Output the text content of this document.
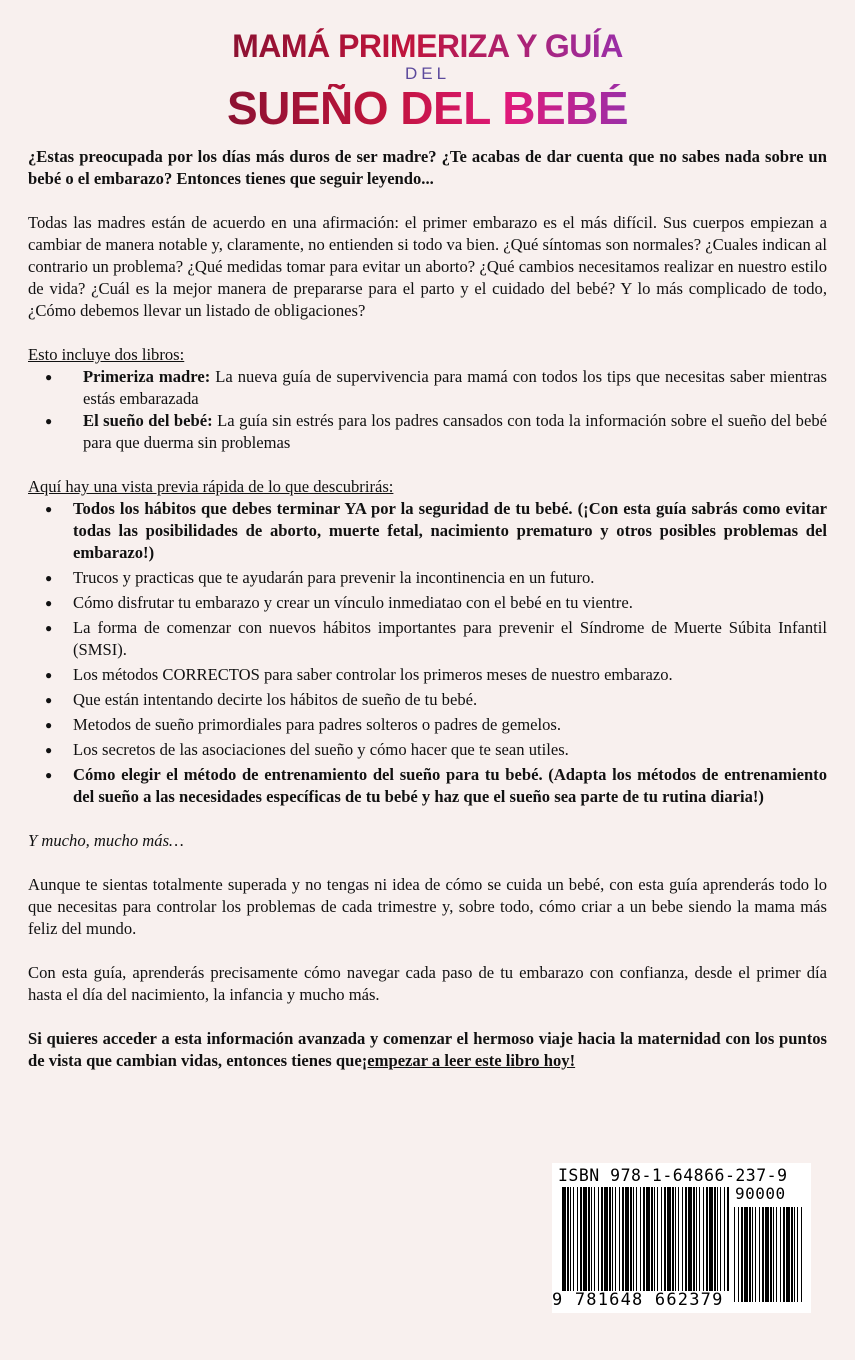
MAMÁ PRIMERIZA Y GUÍA
DEL
SUEÑO DEL BEBÉ

¿Estas preocupada por los días más duros de ser madre? ¿Te acabas de dar cuenta que no sabes nada sobre un bebé o el embarazo? Entonces tienes que seguir leyendo...

Todas las madres están de acuerdo en una afirmación: el primer embarazo es el más difícil. Sus cuerpos empiezan a cambiar de manera notable y, claramente, no entienden si todo va bien. ¿Qué síntomas son normales? ¿Cuales indican al contrario un problema? ¿Qué medidas tomar para evitar un aborto? ¿Qué cambios necesitamos realizar en nuestro estilo de vida? ¿Cuál es la mejor manera de prepararse para el parto y el cuidado del bebé? Y lo más complicado de todo, ¿Cómo debemos llevar un listado de obligaciones?

Esto incluye dos libros:
● Primeriza madre: La nueva guía de supervivencia para mamá con todos los tips que necesitas saber mientras estás embarazada
● El sueño del bebé: La guía sin estrés para los padres cansados con toda la información sobre el sueño del bebé para que duerma sin problemas
Aquí hay una vista previa rápida de lo que descubrirás:
● Todos los hábitos que debes terminar YA por la seguridad de tu bebé. (¡Con esta guía sabrás como evitar todas las posibilidades de aborto, muerte fetal, nacimiento prematuro y otros posibles problemas del embarazo!)
● Trucos y practicas que te ayudarán para prevenir la incontinencia en un futuro.
● Cómo disfrutar tu embarazo y crear un vínculo inmediatao con el bebé en tu vientre.
● La forma de comenzar con nuevos hábitos importantes para prevenir el Síndrome de Muerte Súbita Infantil (SMSI).
● Los métodos CORRECTOS para saber controlar los primeros meses de nuestro embarazo.
● Que están intentando decirte los hábitos de sueño de tu bebé.
● Metodos de sueño primordiales para padres solteros o padres de gemelos.
● Los secretos de las asociaciones del sueño y cómo hacer que te sean utiles.
● Cómo elegir el método de entrenamiento del sueño para tu bebé. (Adapta los métodos de entrenamiento del sueño a las necesidades específicas de tu bebé y haz que el sueño sea parte de tu rutina diaria!)

Y mucho, mucho más…

Aunque te sientas totalmente superada y no tengas ni idea de cómo se cuida un bebé, con esta guía aprenderás todo lo que necesitas para controlar los problemas de cada trimestre y, sobre todo, cómo criar a un bebe siendo la mama más feliz del mundo.

Con esta guía, aprenderás precisamente cómo navegar cada paso de tu embarazo con confianza, desde el primer día hasta el día del nacimiento, la infancia y mucho más.

Si quieres acceder a esta información avanzada y comenzar el hermoso viaje hacia la maternidad con los puntos de vista que cambian vidas, entonces tienes que¡empezar a leer este libro hoy!

ISBN 978-1-64866-237-9
90000
9 781648 662379
